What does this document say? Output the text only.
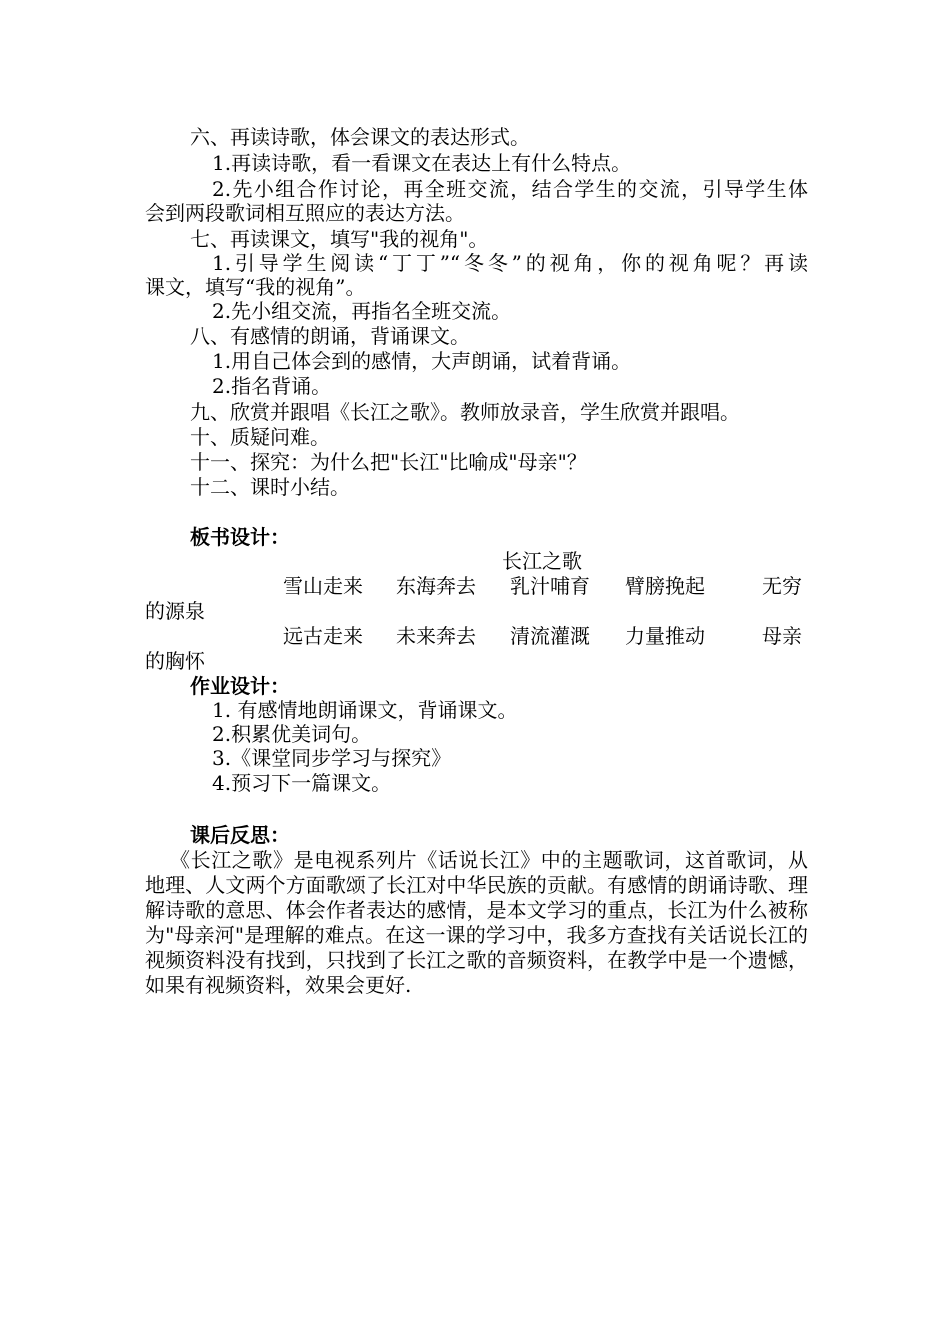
六、再读诗歌，体会课文的表达形式。
1.再读诗歌，看一看课文在表达上有什么特点。
2.先小组合作讨论，再全班交流，结合学生的交流，引导学生体
会到两段歌词相互照应的表达方法。
七、再读课文，填写"我的视角"。
1.引导学生阅读“丁丁”“冬冬”的视角，你的视角呢？再读
课文，填写“我的视角”。
2.先小组交流，再指名全班交流。
八、有感情的朗诵，背诵课文。
1.用自己体会到的感情，大声朗诵，试着背诵。
2.指名背诵。
九、欣赏并跟唱《长江之歌》。教师放录音，学生欣赏并跟唱。
十、质疑问难。
十一、探究：为什么把"长江"比喻成"母亲"？
十二、课时小结。
板书设计：
长江之歌
雪山走来 东海奔去 乳汁哺育 臂膀挽起	无穷
的源泉
远古走来 未来奔去 清流灌溉 力量推动	母亲
的胸怀
作业设计：
1. 有感情地朗诵课文，背诵课文。
2.积累优美词句。
3.《课堂同步学习与探究》
4.预习下一篇课文。
课后反思：
《长江之歌》是电视系列片《话说长江》中的主题歌词，这首歌词，从地理、人文两个方面歌颂了长江对中华民族的贡献。有感情的朗诵诗歌、理解诗歌的意思、体会作者表达的感情，是本文学习的重点，长江为什么被称为"母亲河"是理解的难点。在这一课的学习中，我多方查找有关话说长江的视频资料没有找到，只找到了长江之歌的音频资料，在教学中是一个遗憾，如果有视频资料，效果会更好.
